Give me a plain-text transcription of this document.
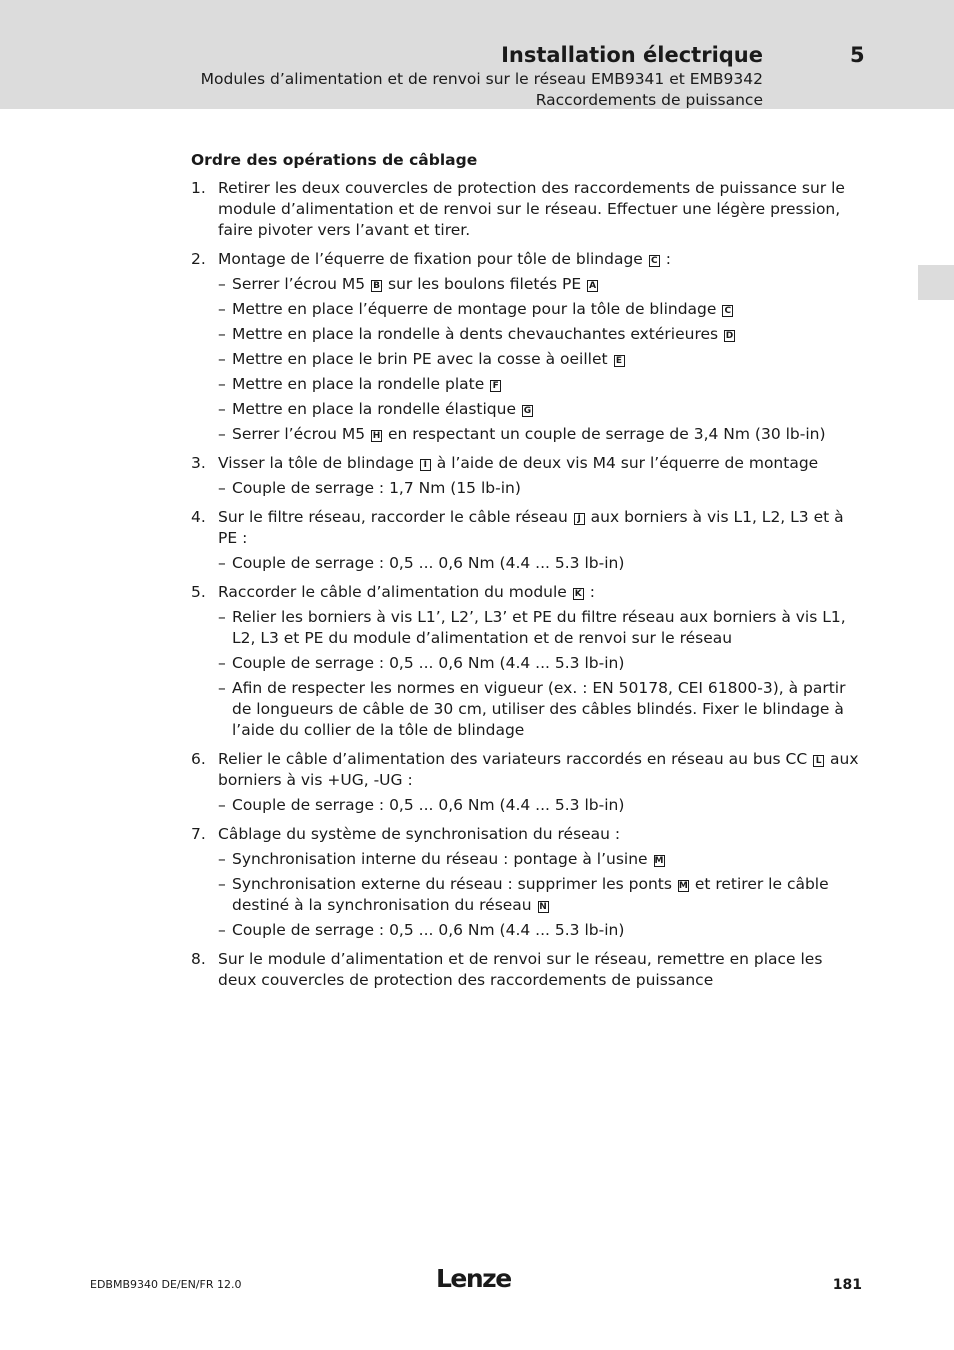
Installation électrique
Modules d’alimentation et de renvoi sur le réseau EMB9341 et EMB9342
Raccordements de puissance
5
Ordre des opérations de câblage
1. Retirer les deux couvercles de protection des raccordements de puissance sur le module d’alimentation et de renvoi sur le réseau. Effectuer une légère pression, faire pivoter vers l’avant et tirer.
2. Montage de l’équerre de fixation pour tôle de blindage C :
– Serrer l’écrou M5 B sur les boulons filetés PE A
– Mettre en place l’équerre de montage pour la tôle de blindage C
– Mettre en place la rondelle à dents chevauchantes extérieures D
– Mettre en place le brin PE avec la cosse à oeillet E
– Mettre en place la rondelle plate F
– Mettre en place la rondelle élastique G
– Serrer l’écrou M5 H en respectant un couple de serrage de 3,4 Nm (30 lb-in)
3. Visser la tôle de blindage I à l’aide de deux vis M4 sur l’équerre de montage
– Couple de serrage : 1,7 Nm (15 lb-in)
4. Sur le filtre réseau, raccorder le câble réseau J aux borniers à vis L1, L2, L3 et à PE :
– Couple de serrage : 0,5 ... 0,6 Nm (4.4 ... 5.3 lb-in)
5. Raccorder le câble d’alimentation du module K :
– Relier les borniers à vis L1’, L2’, L3’ et PE du filtre réseau aux borniers à vis L1, L2, L3 et PE du module d’alimentation et de renvoi sur le réseau
– Couple de serrage : 0,5 ... 0,6 Nm (4.4 ... 5.3 lb-in)
– Afin de respecter les normes en vigueur (ex. : EN 50178, CEI 61800-3), à partir de longueurs de câble de 30 cm, utiliser des câbles blindés. Fixer le blindage à l’aide du collier de la tôle de blindage
6. Relier le câble d’alimentation des variateurs raccordés en réseau au bus CC L aux borniers à vis +UG, -UG :
– Couple de serrage : 0,5 ... 0,6 Nm (4.4 ... 5.3 lb-in)
7. Câblage du système de synchronisation du réseau :
– Synchronisation interne du réseau : pontage à l’usine M
– Synchronisation externe du réseau : supprimer les ponts M et retirer le câble destiné à la synchronisation du réseau N
– Couple de serrage : 0,5 ... 0,6 Nm (4.4 ... 5.3 lb-in)
8. Sur le module d’alimentation et de renvoi sur le réseau, remettre en place les deux couvercles de protection des raccordements de puissance
EDBMB9340 DE/EN/FR 12.0	Lenze	181
